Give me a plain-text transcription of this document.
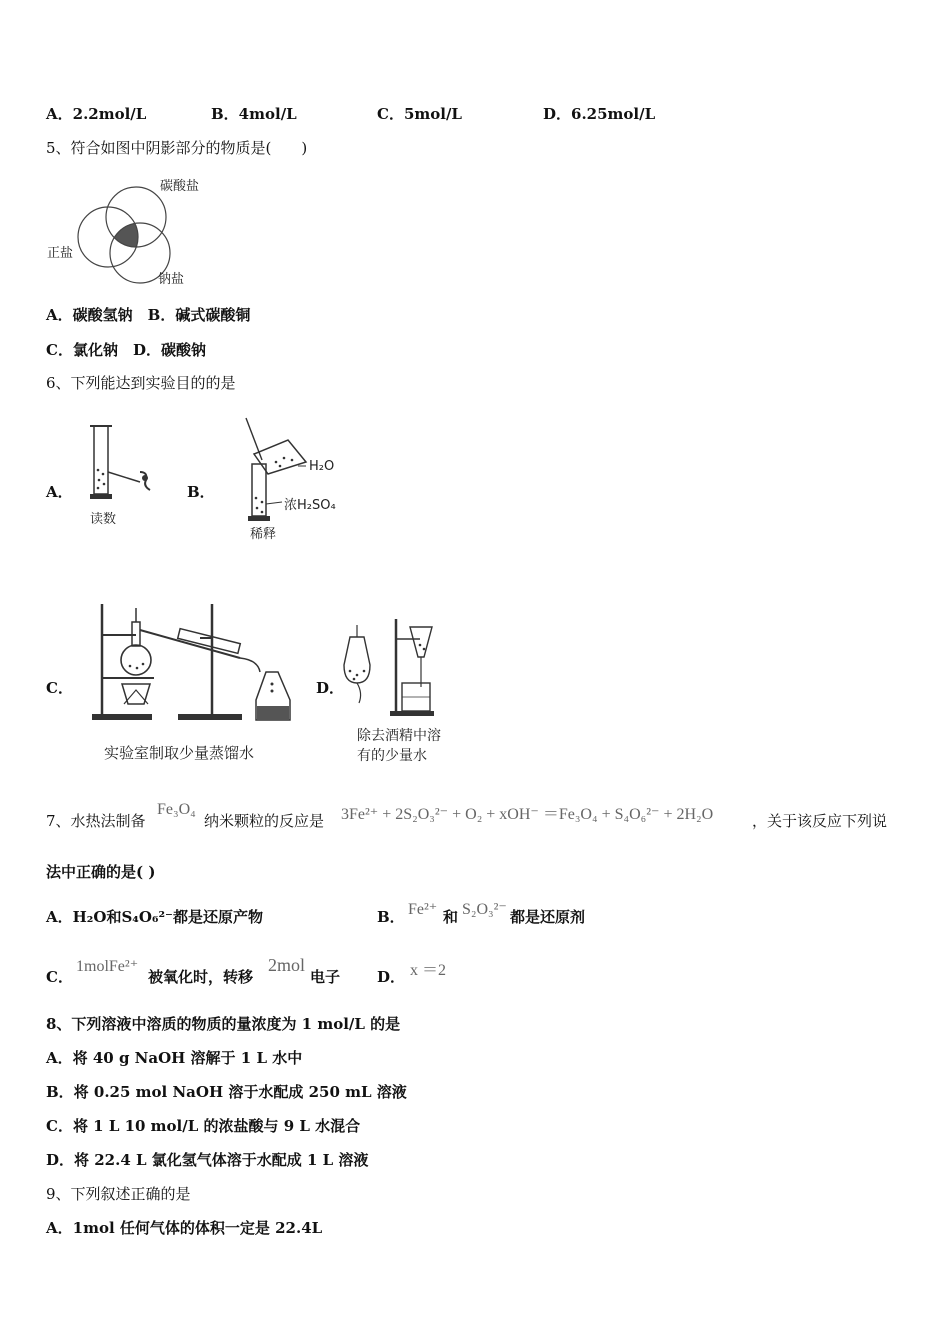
A．2.2mol/L	B．4mol/L	C．5mol/L	D．6.25mol/L
5、符合如图中阴影部分的物质是(　　)
碳酸盐
正盐
钠盐
A．碳酸氢钠　B．碱式碳酸铜
C．氯化钠　D．碳酸钠
6、下列能达到实验目的的是
A．
读数
B．
H₂O
浓H₂SO₄
稀释
C．
实验室制取少量蒸馏水
D．
除去酒精中溶
有的少量水
7、水热法制备
Fe₃O₄
纳米颗粒的反应是 3Fe²⁺ + 2S₂O₃²⁻ + O₂ + xOH⁻ ＝Fe₃O₄ + S₄O₆²⁻ + 2H₂O	，关于该反应下列说
法中正确的是( )
A．H₂O和S₄O₆²⁻都是还原产物	B． Fe²⁺ 和 S₂O₃²⁻ 都是还原剂
C．
1molFe²⁺
被氧化时，转移
2mol
电子 D． x ＝2
8、下列溶液中溶质的物质的量浓度为 1 mol/L 的是
A．将 40 g NaOH 溶解于 1 L 水中
B．将 0.25 mol NaOH 溶于水配成 250 mL 溶液
C．将 1 L 10 mol/L 的浓盐酸与 9 L 水混合
D．将 22.4 L 氯化氢气体溶于水配成 1 L 溶液
9、下列叙述正确的是
A．1mol 任何气体的体积一定是 22.4L
